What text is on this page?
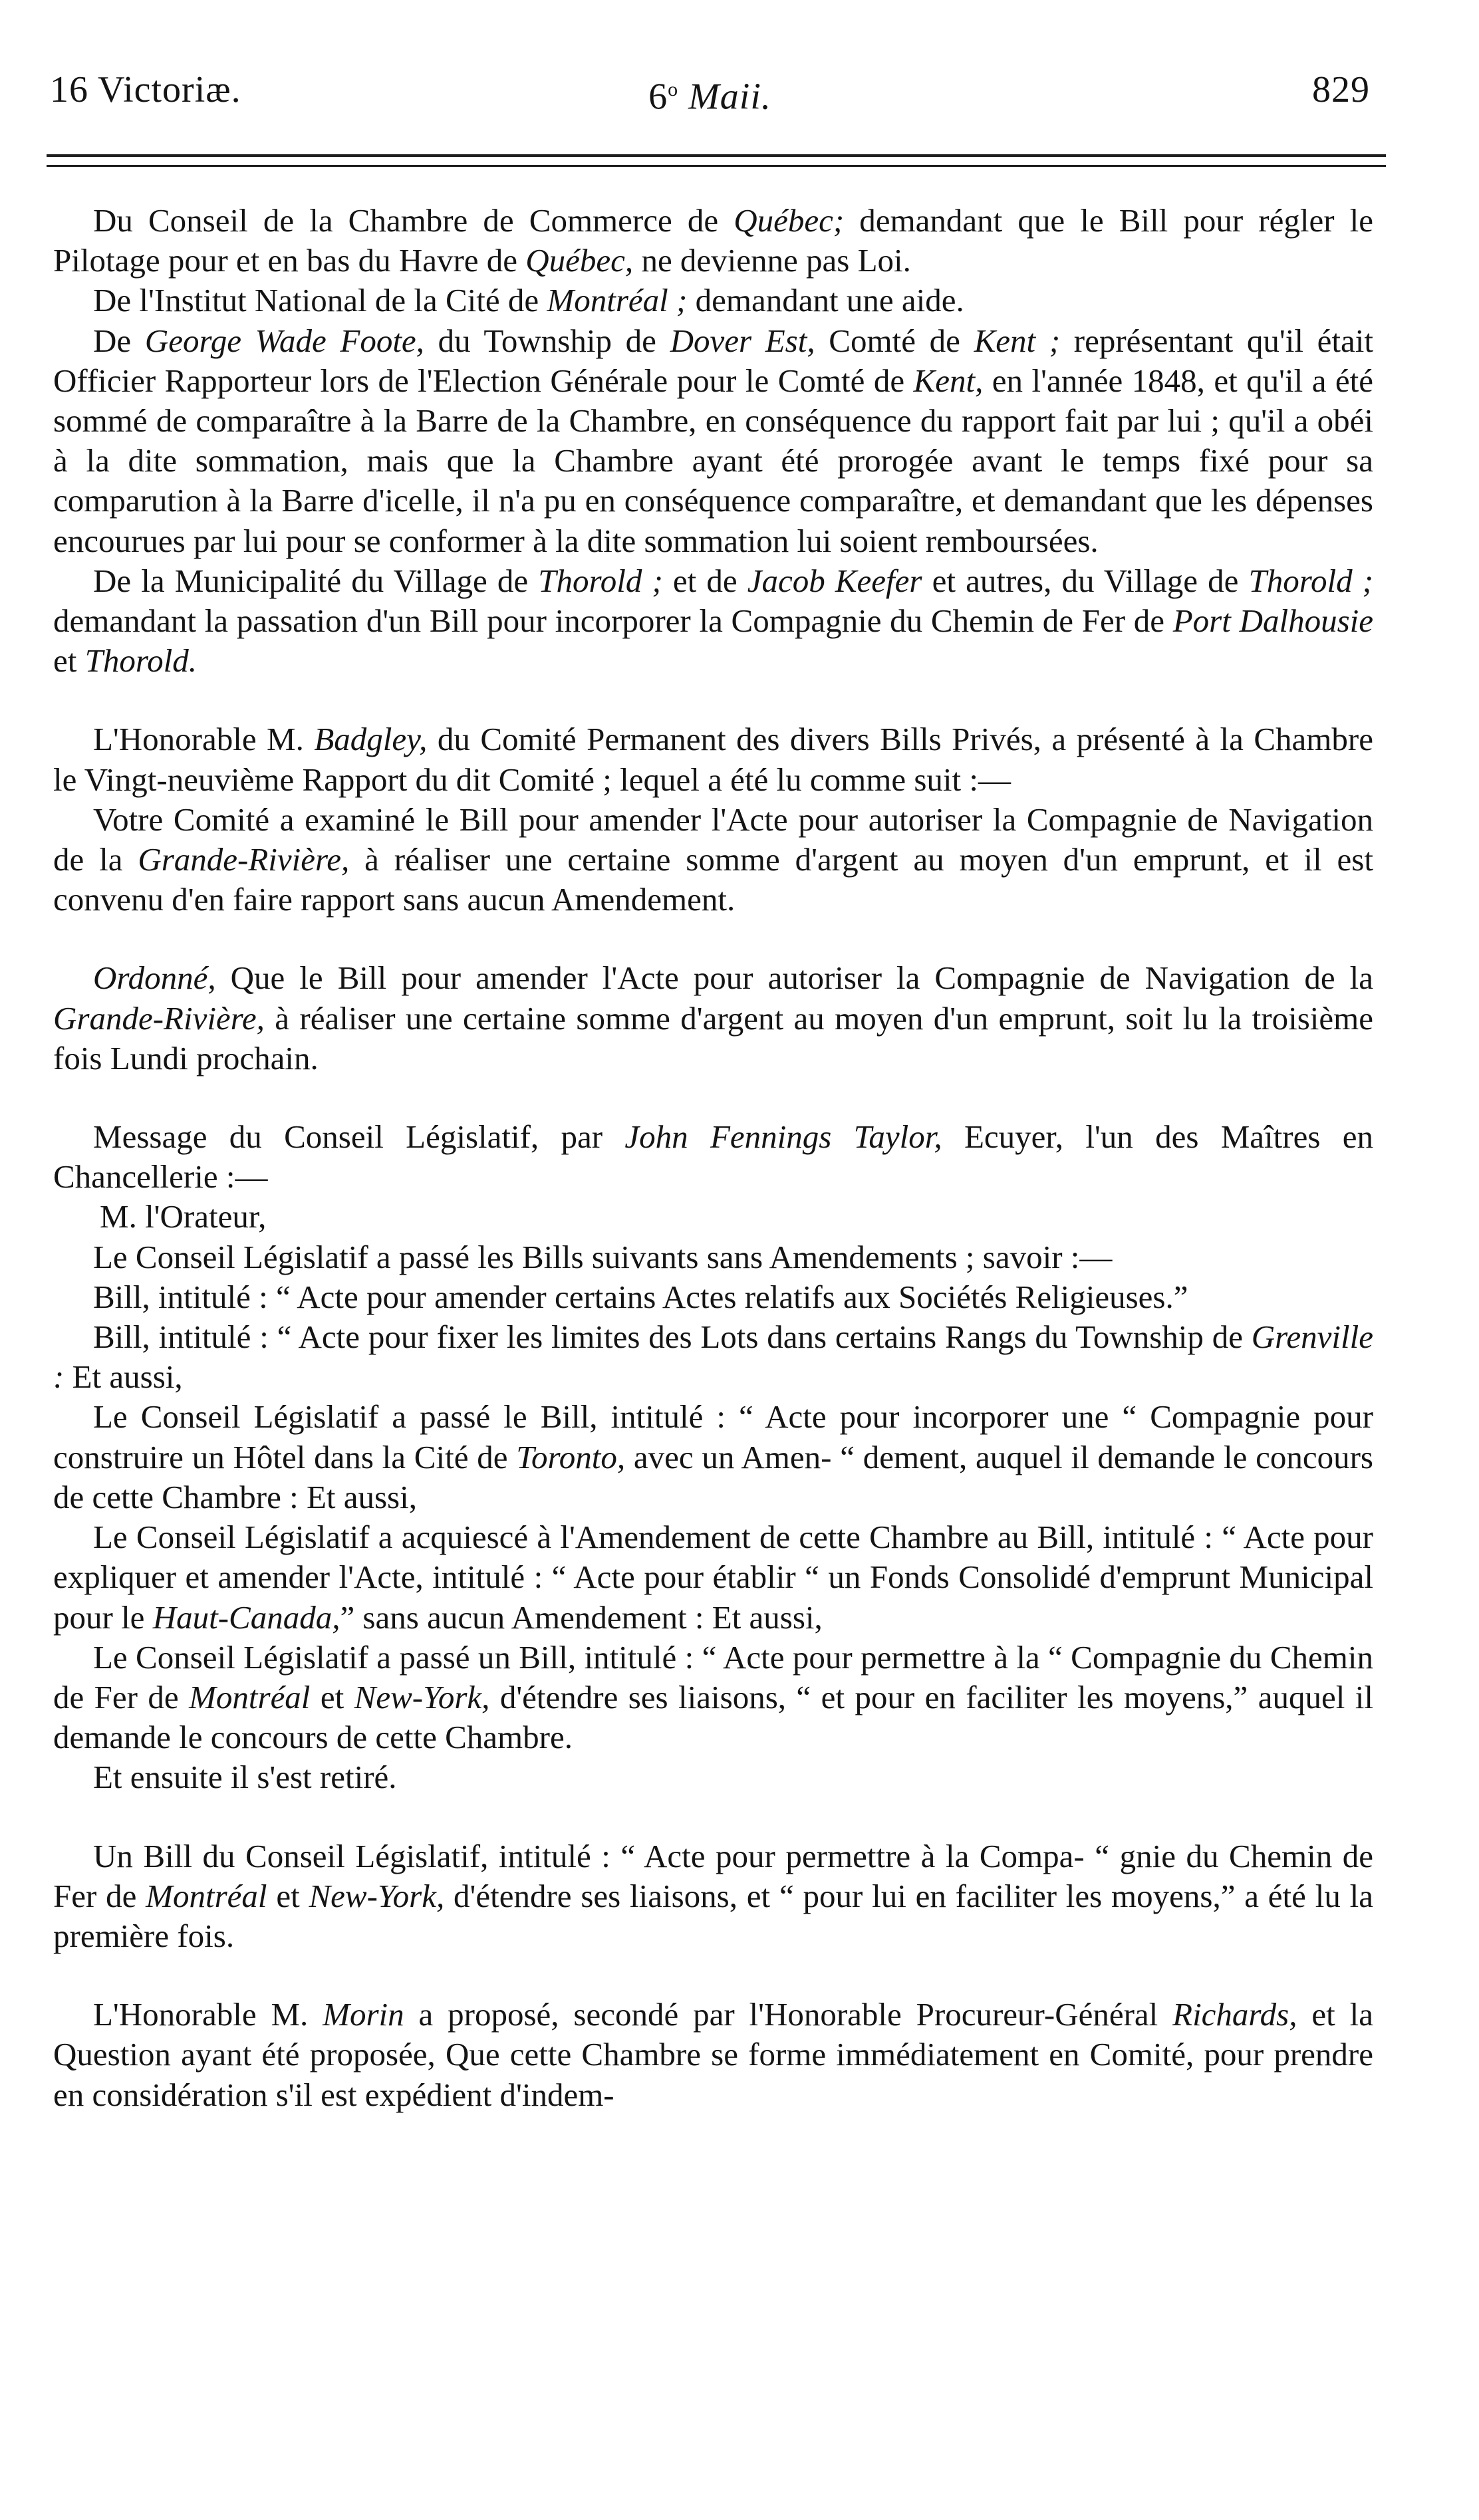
16 Victoriæ.	6$^o$ Maii.	829

Du Conseil de la Chambre de Commerce de Québec; demandant que le Bill pour régler le Pilotage pour et en bas du Havre de Québec, ne devienne pas Loi.

De l'Institut National de la Cité de Montréal ; demandant une aide.

De George Wade Foote, du Township de Dover Est, Comté de Kent ; représentant qu'il était Officier Rapporteur lors de l'Election Générale pour le Comté de Kent, en l'année 1848, et qu'il a été sommé de comparaître à la Barre de la Chambre, en conséquence du rapport fait par lui ; qu'il a obéi à la dite sommation, mais que la Chambre ayant été prorogée avant le temps fixé pour sa comparution à la Barre d'icelle, il n'a pu en conséquence comparaître, et demandant que les dépenses encourues par lui pour se conformer à la dite sommation lui soient remboursées.

De la Municipalité du Village de Thorold ; et de Jacob Keefer et autres, du Village de Thorold ; demandant la passation d'un Bill pour incorporer la Compagnie du Chemin de Fer de Port Dalhousie et Thorold.

L'Honorable M. Badgley, du Comité Permanent des divers Bills Privés, a présenté à la Chambre le Vingt-neuvième Rapport du dit Comité ; lequel a été lu comme suit :—

Votre Comité a examiné le Bill pour amender l'Acte pour autoriser la Compagnie de Navigation de la Grande-Rivière, à réaliser une certaine somme d'argent au moyen d'un emprunt, et il est convenu d'en faire rapport sans aucun Amendement.

Ordonné, Que le Bill pour amender l'Acte pour autoriser la Compagnie de Navigation de la Grande-Rivière, à réaliser une certaine somme d'argent au moyen d'un emprunt, soit lu la troisième fois Lundi prochain.

Message du Conseil Législatif, par John Fennings Taylor, Ecuyer, l'un des Maîtres en Chancellerie :—

M. l'Orateur,

Le Conseil Législatif a passé les Bills suivants sans Amendements ; savoir :—

Bill, intitulé : “ Acte pour amender certains Actes relatifs aux Sociétés Religieuses.”

Bill, intitulé : “ Acte pour fixer les limites des Lots dans certains Rangs du Township de Grenville : Et aussi,

Le Conseil Législatif a passé le Bill, intitulé : “ Acte pour incorporer une “ Compagnie pour construire un Hôtel dans la Cité de Toronto, avec un Amen- “ dement, auquel il demande le concours de cette Chambre : Et aussi,

Le Conseil Législatif a acquiescé à l'Amendement de cette Chambre au Bill, intitulé : “ Acte pour expliquer et amender l'Acte, intitulé : “ Acte pour établir “ un Fonds Consolidé d'emprunt Municipal pour le Haut-Canada,” sans aucun Amendement : Et aussi,

Le Conseil Législatif a passé un Bill, intitulé : “ Acte pour permettre à la “ Compagnie du Chemin de Fer de Montréal et New-York, d'étendre ses liaisons, “ et pour en faciliter les moyens,” auquel il demande le concours de cette Chambre.

Et ensuite il s'est retiré.

Un Bill du Conseil Législatif, intitulé : “ Acte pour permettre à la Compa- “ gnie du Chemin de Fer de Montréal et New-York, d'étendre ses liaisons, et “ pour lui en faciliter les moyens,” a été lu la première fois.

L'Honorable M. Morin a proposé, secondé par l'Honorable Procureur-Général Richards, et la Question ayant été proposée, Que cette Chambre se forme immédiatement en Comité, pour prendre en considération s'il est expédient d'indem-
